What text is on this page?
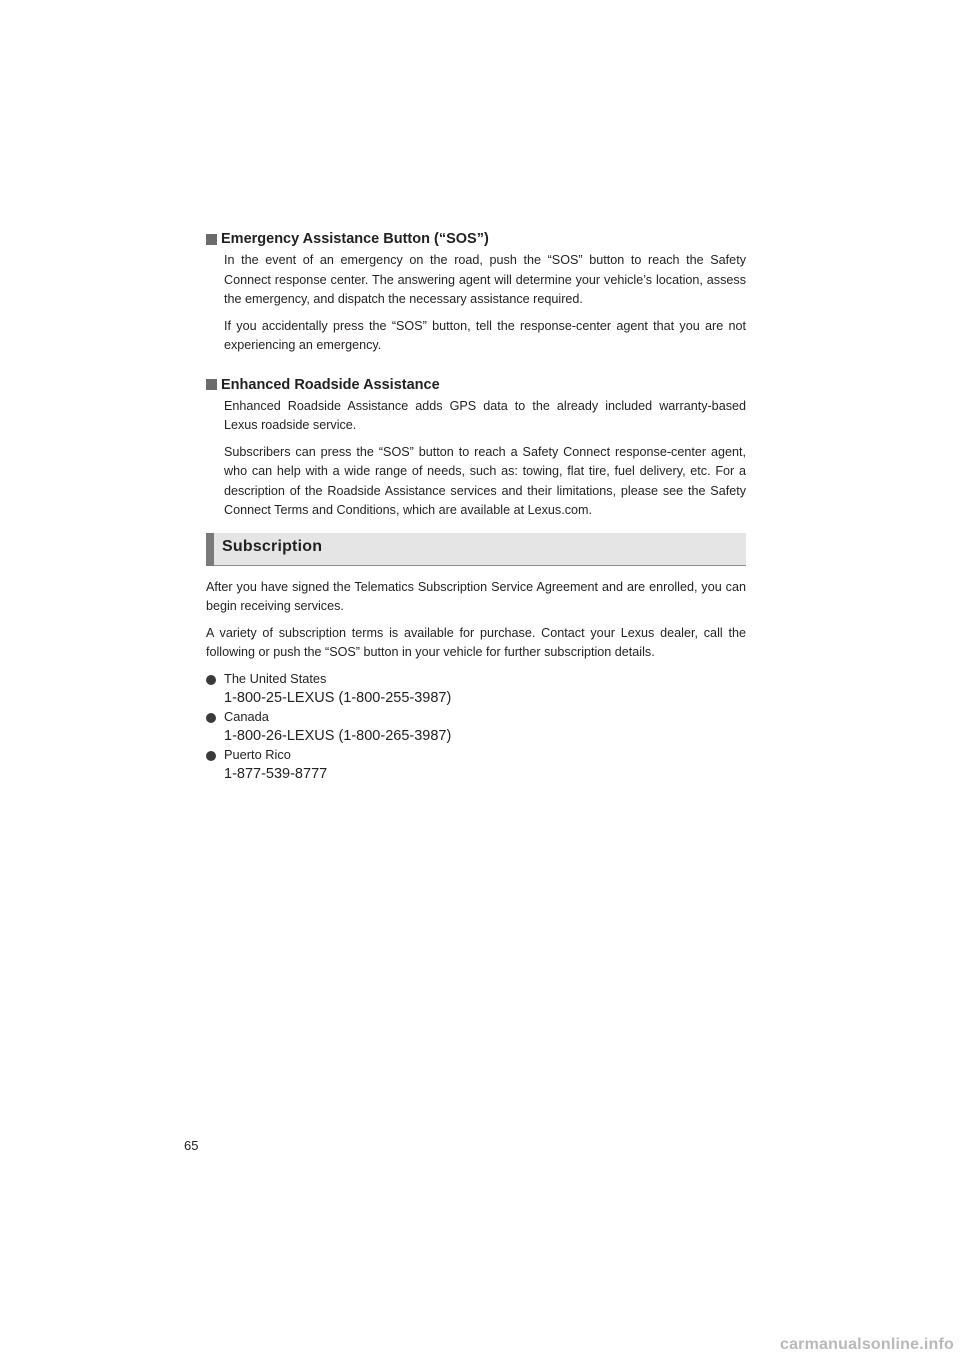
Emergency Assistance Button (“SOS”)

In the event of an emergency on the road, push the “SOS” button to reach the Safety Connect response center. The answering agent will determine your vehicle’s location, assess the emergency, and dispatch the necessary assistance required.

If you accidentally press the “SOS” button, tell the response-center agent that you are not experiencing an emergency.

Enhanced Roadside Assistance

Enhanced Roadside Assistance adds GPS data to the already included warranty-based Lexus roadside service.

Subscribers can press the “SOS” button to reach a Safety Connect response-center agent, who can help with a wide range of needs, such as: towing, flat tire, fuel delivery, etc. For a description of the Roadside Assistance services and their limitations, please see the Safety Connect Terms and Conditions, which are available at Lexus.com.

Subscription

After you have signed the Telematics Subscription Service Agreement and are enrolled, you can begin receiving services.

A variety of subscription terms is available for purchase. Contact your Lexus dealer, call the following or push the “SOS” button in your vehicle for further subscription details.

The United States
1-800-25-LEXUS (1-800-255-3987)
Canada
1-800-26-LEXUS (1-800-265-3987)
Puerto Rico
1-877-539-8777
65
carmanualsonline.info
